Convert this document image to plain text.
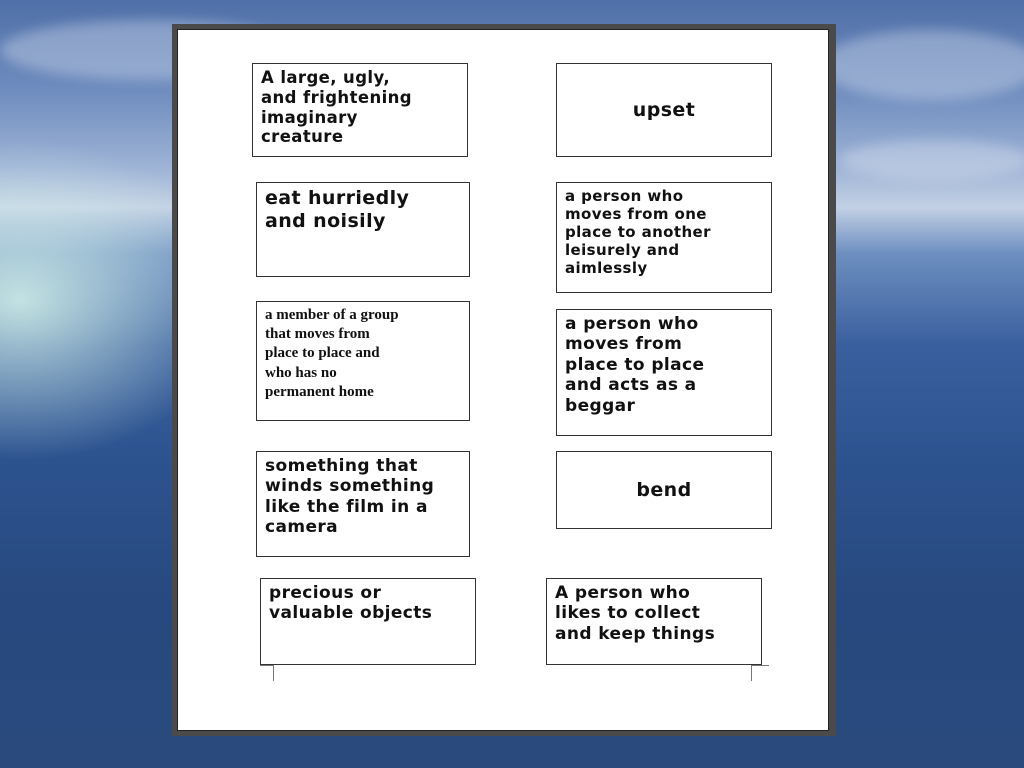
A large, ugly,
and frightening
imaginary
creature
eat hurriedly
and noisily
a member of a group
that moves from
place to place and
who has no
permanent home
something that
winds something
like the film in a
camera
precious or
valuable objects
upset
a person who
moves from one
place to another
leisurely and
aimlessly
a person who
moves from
place to place
and acts as a
beggar
bend
A person who
likes to collect
and keep things
